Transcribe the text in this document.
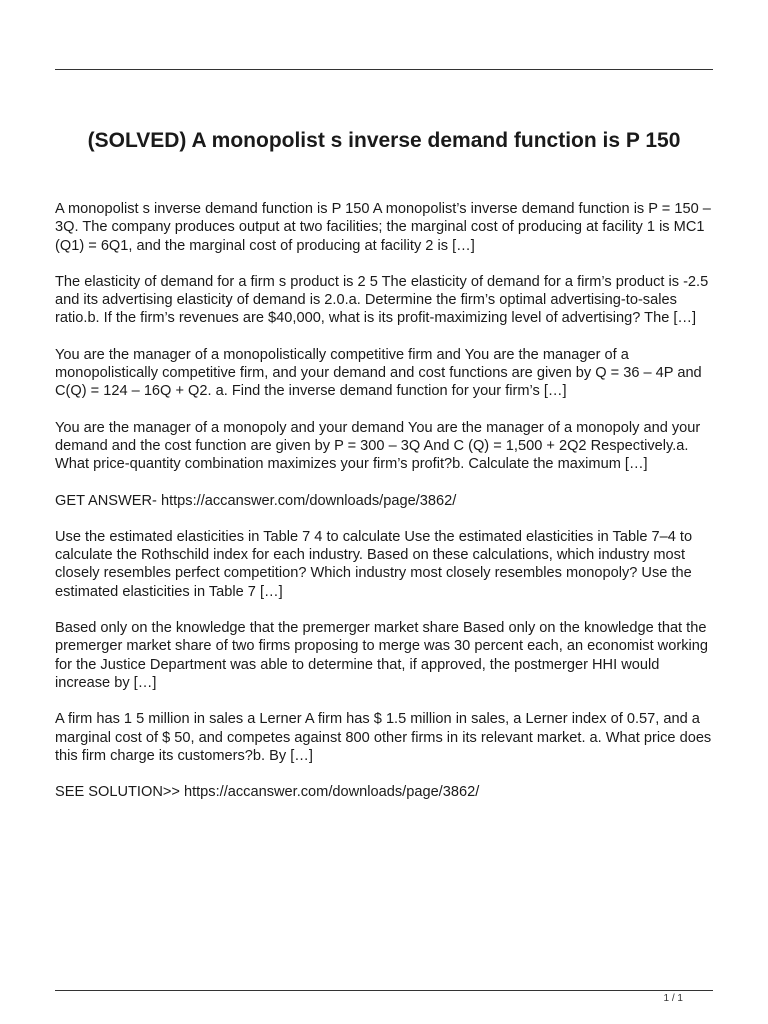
(SOLVED) A monopolist s inverse demand function is P 150

A monopolist s inverse demand function is P 150 A monopolist’s inverse demand function is P = 150 – 3Q. The company produces output at two facilities; the marginal cost of producing at facility 1 is MC1 (Q1) = 6Q1, and the marginal cost of producing at facility 2 is […]

The elasticity of demand for a firm s product is 2 5 The elasticity of demand for a firm’s product is -2.5 and its advertising elasticity of demand is 2.0.a. Determine the firm’s optimal advertising-to-sales ratio.b. If the firm’s revenues are $40,000, what is its profit-maximizing level of advertising? The […]

You are the manager of a monopolistically competitive firm and You are the manager of a monopolistically competitive firm, and your demand and cost functions are given by Q = 36 – 4P and C(Q) = 124 – 16Q + Q2. a. Find the inverse demand function for your firm’s […]

You are the manager of a monopoly and your demand You are the manager of a monopoly and your demand and the cost function are given by P = 300 – 3Q And C (Q) = 1,500 + 2Q2 Respectively.a. What price-quantity combination maximizes your firm’s profit?b. Calculate the maximum […]

GET ANSWER- https://accanswer.com/downloads/page/3862/

Use the estimated elasticities in Table 7 4 to calculate Use the estimated elasticities in Table 7–4 to calculate the Rothschild index for each industry. Based on these calculations, which industry most closely resembles perfect competition? Which industry most closely resembles monopoly? Use the estimated elasticities in Table 7 […]

Based only on the knowledge that the premerger market share Based only on the knowledge that the premerger market share of two firms proposing to merge was 30 percent each, an economist working for the Justice Department was able to determine that, if approved, the postmerger HHI would increase by […]

A firm has 1 5 million in sales a Lerner A firm has $ 1.5 million in sales, a Lerner index of 0.57, and a marginal cost of $ 50, and competes against 800 other firms in its relevant market. a. What price does this firm charge its customers?b. By […]

SEE SOLUTION>> https://accanswer.com/downloads/page/3862/

1 / 1
